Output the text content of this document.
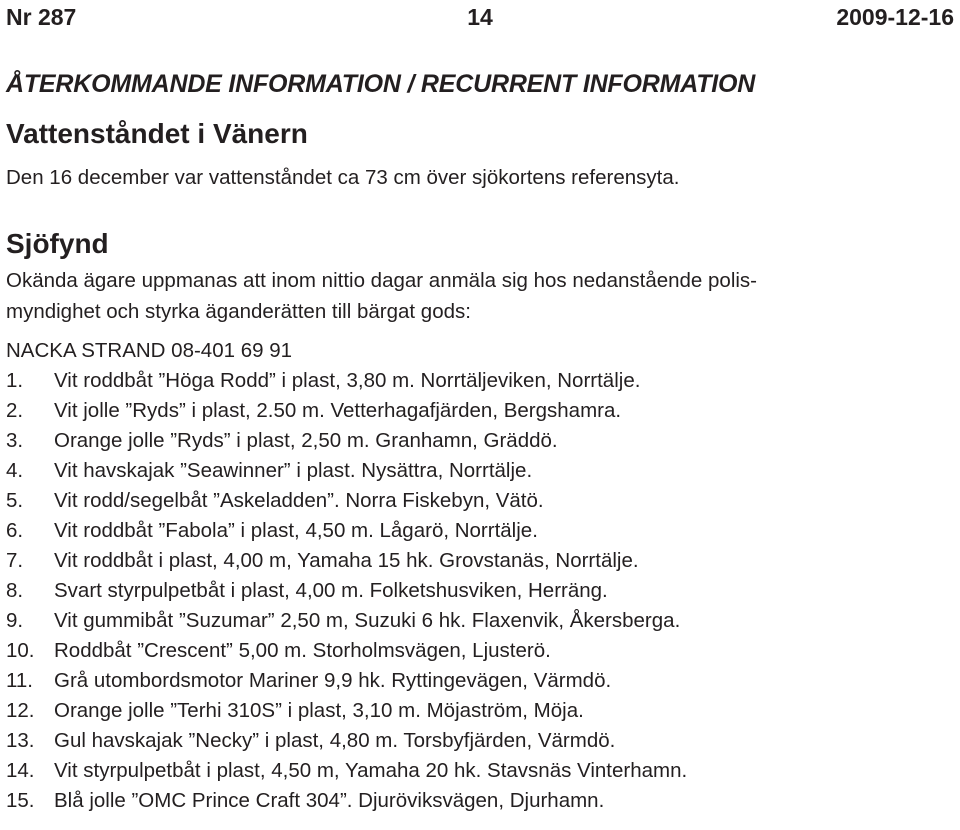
Nr 287	14	2009-12-16
ÅTERKOMMANDE INFORMATION / RECURRENT INFORMATION
Vattenståndet i Vänern
Den 16 december var vattenståndet ca 73 cm över sjökortens referensyta.
Sjöfynd
Okända ägare uppmanas att inom nittio dagar anmäla sig hos nedanstående polis-
myndighet och styrka äganderätten till bärgat gods:
NACKA STRAND 08-401 69 91
1. Vit roddbåt ”Höga Rodd” i plast, 3,80 m. Norrtäljeviken, Norrtälje.
2. Vit jolle ”Ryds” i plast, 2.50 m. Vetterhagafjärden, Bergshamra.
3. Orange jolle ”Ryds” i plast, 2,50 m. Granhamn, Gräddö.
4. Vit havskajak ”Seawinner” i plast. Nysättra, Norrtälje.
5. Vit rodd/segelbåt ”Askeladden”. Norra Fiskebyn, Vätö.
6. Vit roddbåt ”Fabola” i plast, 4,50 m. Lågarö, Norrtälje.
7. Vit roddbåt i plast, 4,00 m, Yamaha 15 hk. Grovstanäs, Norrtälje.
8. Svart styrpulpetbåt i plast, 4,00 m. Folketshusviken, Herräng.
9. Vit gummibåt ”Suzumar” 2,50 m, Suzuki 6 hk. Flaxenvik, Åkersberga.
10. Roddbåt ”Crescent” 5,00 m. Storholmsvägen, Ljusterö.
11. Grå utombordsmotor Mariner 9,9 hk. Ryttingevägen, Värmdö.
12. Orange jolle ”Terhi 310S” i plast, 3,10 m. Möjaström, Möja.
13. Gul havskajak ”Necky” i plast, 4,80 m. Torsbyfjärden, Värmdö.
14. Vit styrpulpetbåt i plast, 4,50 m, Yamaha 20 hk. Stavsnäs Vinterhamn.
15. Blå jolle ”OMC Prince Craft 304”. Djuröviksvägen, Djurhamn.
